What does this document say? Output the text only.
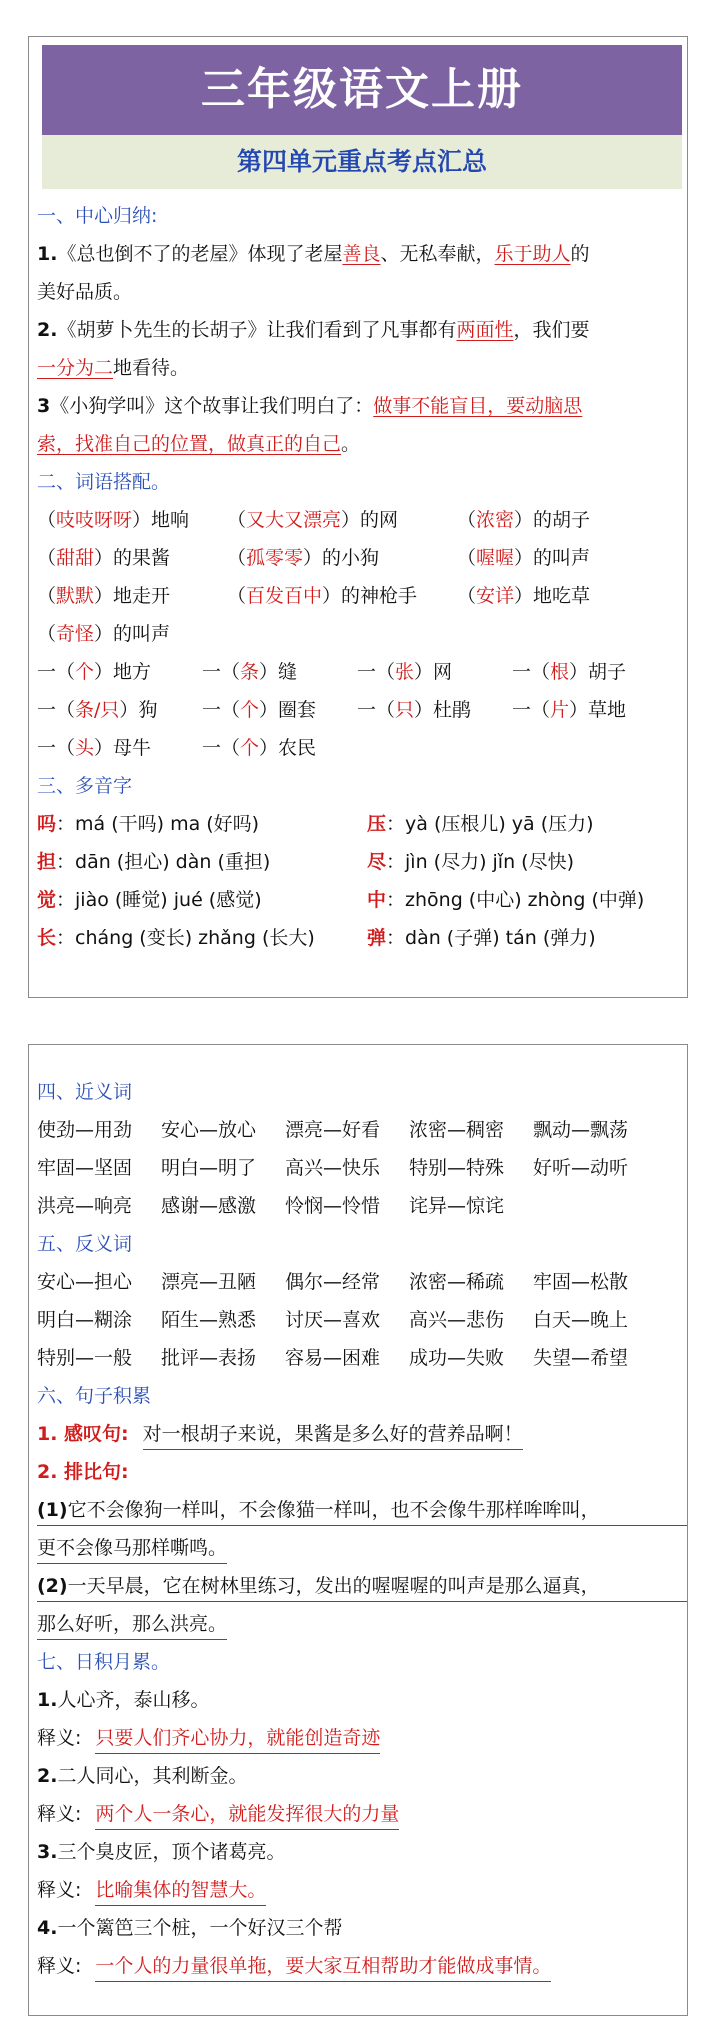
三年级语文上册
第四单元重点考点汇总
一、中心归纳:
1.《总也倒不了的老屋》体现了老屋善良、无私奉献，乐于助人的
美好品质。
2.《胡萝卜先生的长胡子》让我们看到了凡事都有两面性，我们要
一分为二地看待。
3《小狗学叫》这个故事让我们明白了：做事不能盲目，要动脑思
索，找准自己的位置，做真正的自己。
二、词语搭配。
（吱吱呀呀）地响	（又大又漂亮）的网	（浓密）的胡子
（甜甜）的果酱	（孤零零）的小狗	（喔喔）的叫声
（默默）地走开	（百发百中）的神枪手	（安详）地吃草
（奇怪）的叫声
一（个）地方	一（条）缝	一（张）网	一（根）胡子
一（条/只）狗	一（个）圈套	一（只）杜鹃	一（片）草地
一（头）母牛	一（个）农民
三、多音字
吗：má (干吗) ma (好吗)	压：yà (压根儿) yā (压力)
担：dān (担心) dàn (重担)	尽：jìn (尽力) jǐn (尽快)
觉：jiào (睡觉) jué (感觉)	中：zhōng (中心) zhòng (中弹)
长：cháng (变长) zhǎng (长大)	弹：dàn (子弹) tán (弹力)
四、近义词
使劲—用劲 安心—放心 漂亮—好看 浓密—稠密 飘动—飘荡
牢固—坚固 明白—明了 高兴—快乐 特别—特殊 好听—动听
洪亮—响亮 感谢—感激 怜悯—怜惜 诧异—惊诧
五、反义词
安心—担心 漂亮—丑陋 偶尔—经常 浓密—稀疏 牢固—松散
明白—糊涂 陌生—熟悉 讨厌—喜欢 高兴—悲伤 白天—晚上
特别—一般 批评—表扬 容易—困难 成功—失败 失望—希望
六、句子积累
1. 感叹句: 对一根胡子来说，果酱是多么好的营养品啊！
2. 排比句:
(1)它不会像狗一样叫，不会像猫一样叫，也不会像牛那样哞哞叫，
更不会像马那样嘶鸣。
(2)一天早晨，它在树林里练习，发出的喔喔喔的叫声是那么逼真，
那么好听，那么洪亮。
七、日积月累。
1.人心齐，泰山移。
释义: 只要人们齐心协力，就能创造奇迹
2.二人同心，其利断金。
释义: 两个人一条心，就能发挥很大的力量
3.三个臭皮匠，顶个诸葛亮。
释义: 比喻集体的智慧大。
4.一个篱笆三个桩，一个好汉三个帮
释义: 一个人的力量很单拖，要大家互相帮助才能做成事情。
